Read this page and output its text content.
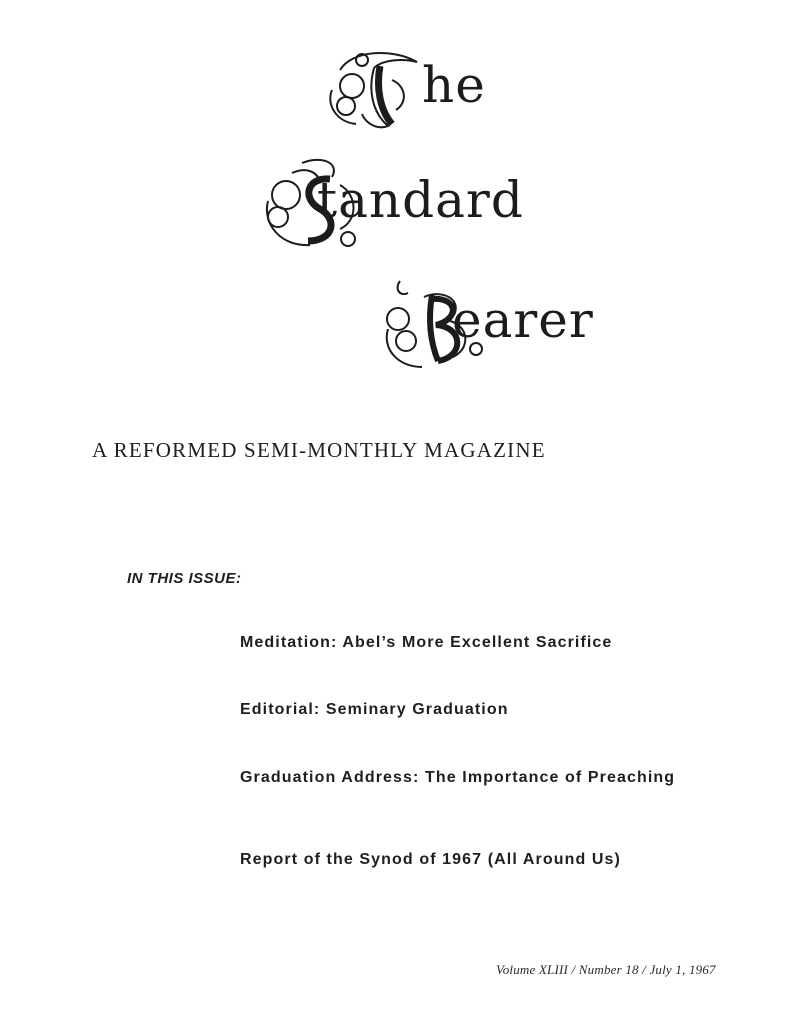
he
tandard
earer
A REFORMED SEMI-MONTHLY MAGAZINE
IN THIS ISSUE:
Meditation: Abel’s More Excellent Sacrifice
Editorial: Seminary Graduation
Graduation Address: The Importance of Preaching
Report of the Synod of 1967 (All Around Us)
Volume XLIII / Number 18 / July 1, 1967
